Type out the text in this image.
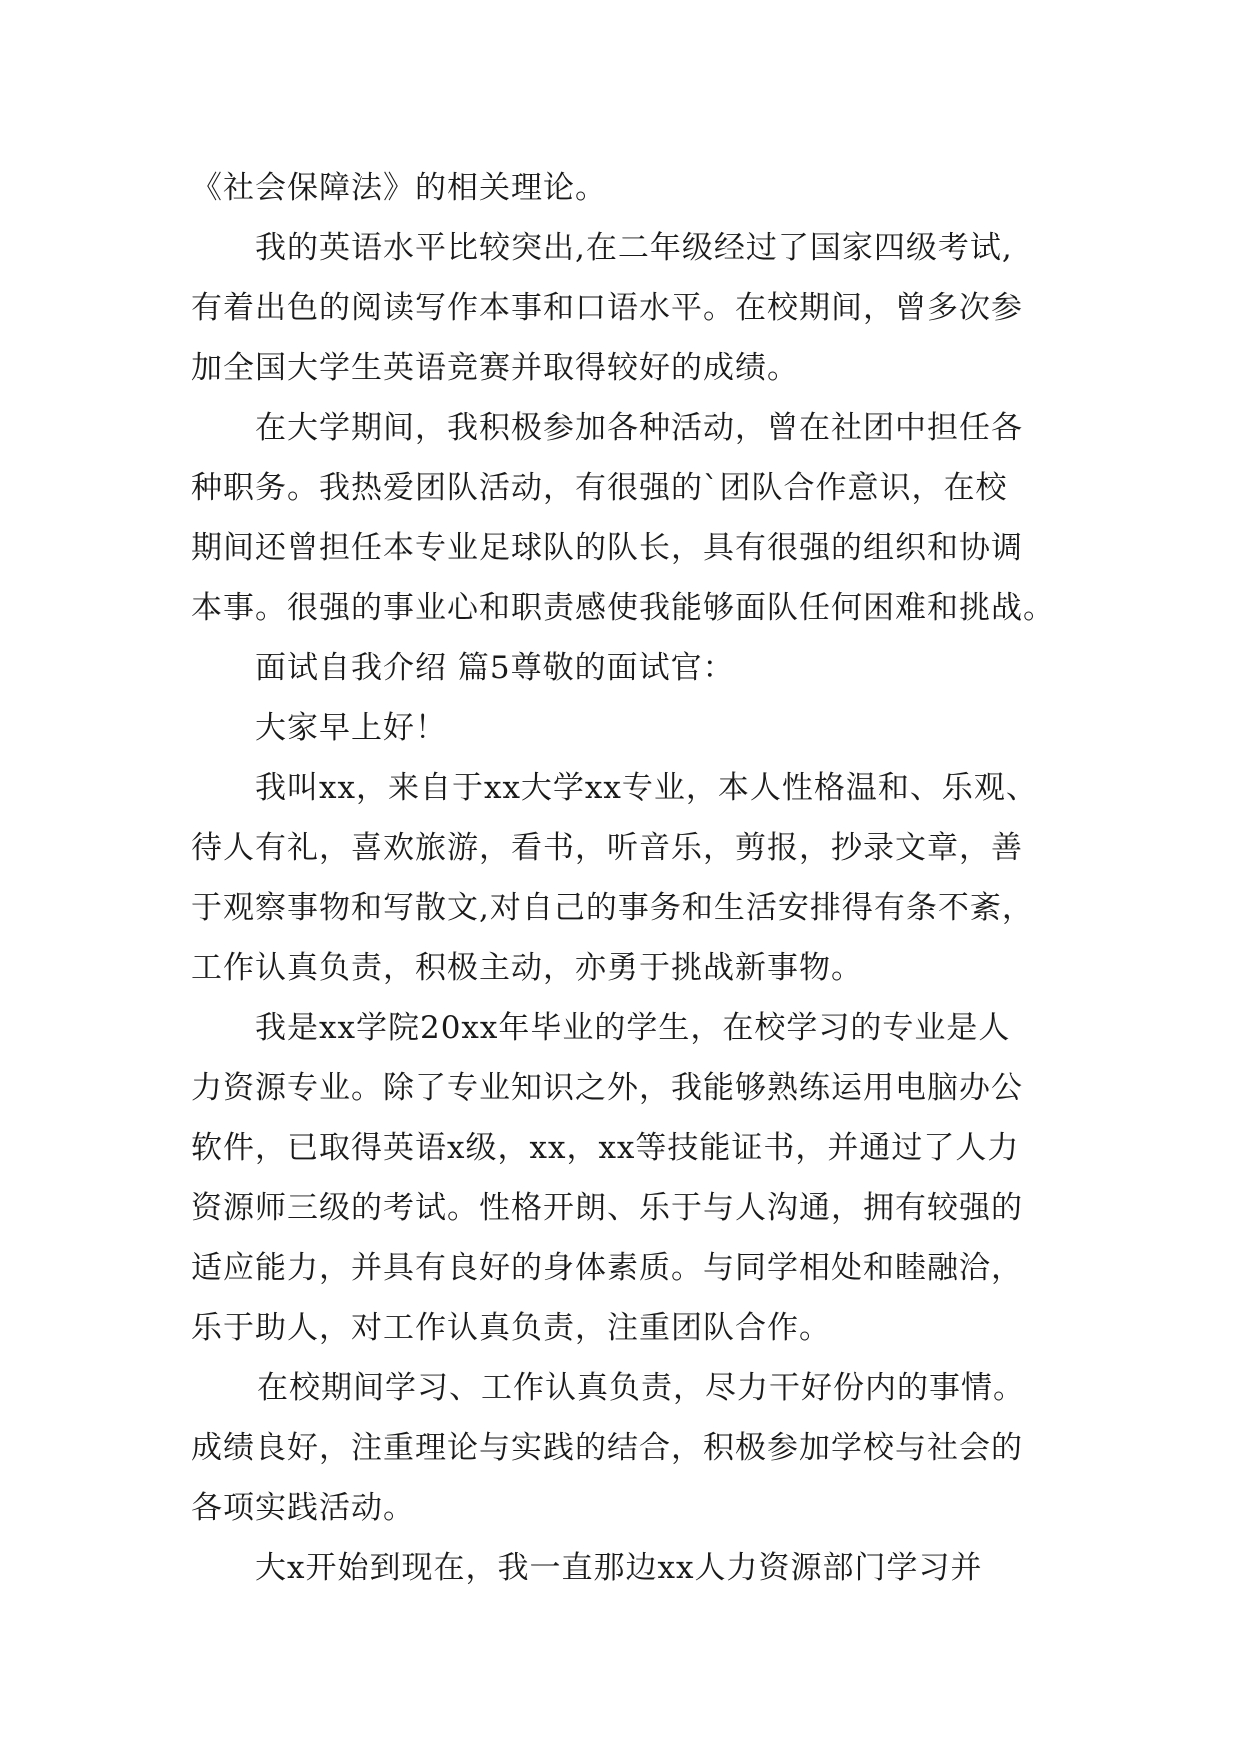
《社会保障法》的相关理论。

我的英语水平比较突出,在二年级经过了国家四级考试,

有着出色的阅读写作本事和口语水平。在校期间，曾多次参

加全国大学生英语竞赛并取得较好的成绩。

在大学期间，我积极参加各种活动，曾在社团中担任各

种职务。我热爱团队活动，有很强的`团队合作意识，在校

期间还曾担任本专业足球队的队长，具有很强的组织和协调

本事。很强的事业心和职责感使我能够面队任何困难和挑战。

面试自我介绍 篇5尊敬的面试官：

大家早上好！

我叫xx，来自于xx大学xx专业，本人性格温和、乐观、

待人有礼，喜欢旅游，看书，听音乐，剪报，抄录文章，善

于观察事物和写散文,对自己的事务和生活安排得有条不紊，

工作认真负责，积极主动，亦勇于挑战新事物。

我是xx学院20xx年毕业的学生，在校学习的专业是人

力资源专业。除了专业知识之外，我能够熟练运用电脑办公

软件，已取得英语x级，xx，xx等技能证书，并通过了人力

资源师三级的考试。性格开朗、乐于与人沟通，拥有较强的

适应能力，并具有良好的身体素质。与同学相处和睦融洽，

乐于助人，对工作认真负责，注重团队合作。

在校期间学习、工作认真负责，尽力干好份内的事情。

成绩良好，注重理论与实践的结合，积极参加学校与社会的

各项实践活动。

大x开始到现在，我一直那边xx人力资源部门学习并
